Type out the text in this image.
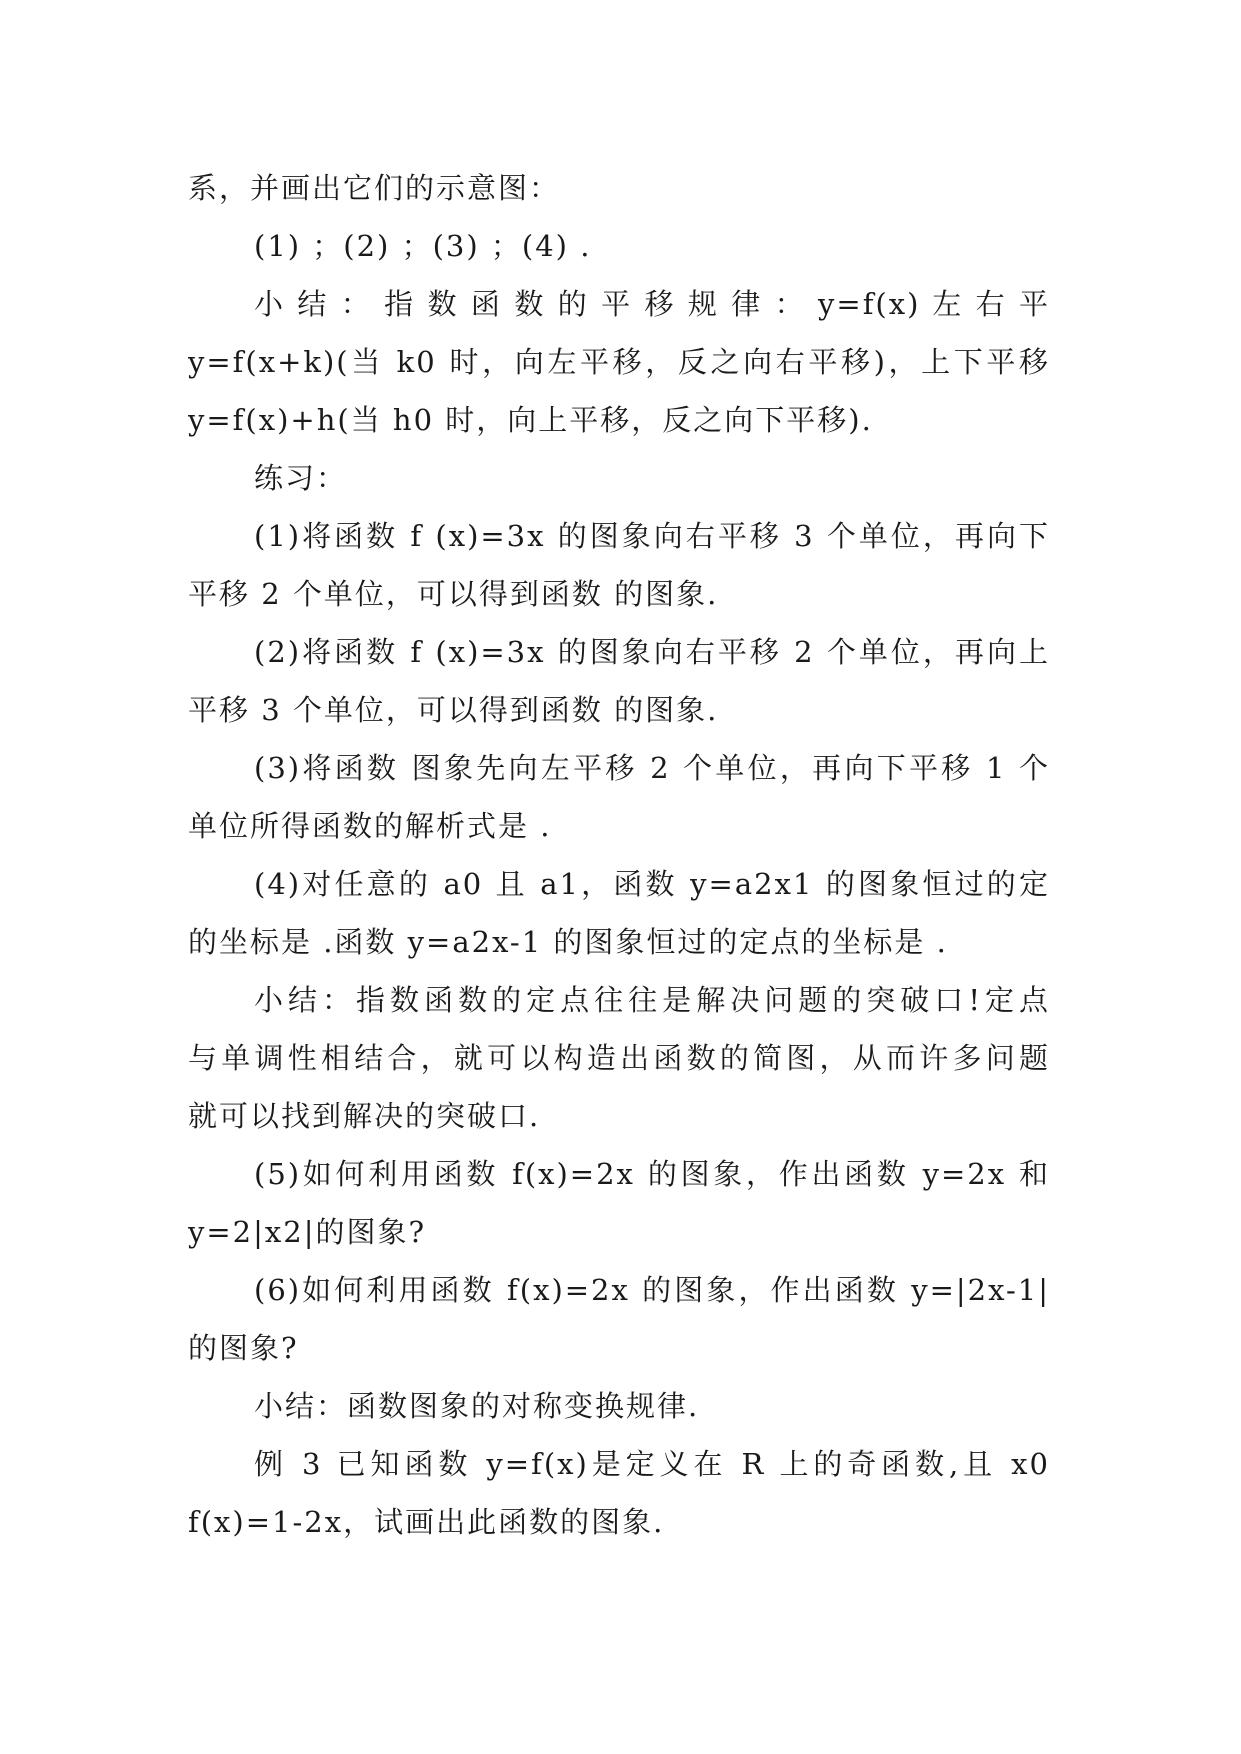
系，并画出它们的示意图：
(1) ；(2) ；(3) ；(4) .
小 结 ： 指 数 函 数 的 平 移 规 律 ： y=f(x) 左 右 平
y=f(x+k)(当 k0 时，向左平移，反之向右平移)，上下平移
y=f(x)+h(当 h0 时，向上平移，反之向下平移).
练习：
(1)将函数 f (x)=3x 的图象向右平移 3 个单位，再向下
平移 2 个单位，可以得到函数 的图象.
(2)将函数 f (x)=3x 的图象向右平移 2 个单位，再向上
平移 3 个单位，可以得到函数 的图象.
(3)将函数 图象先向左平移 2 个单位，再向下平移 1 个
单位所得函数的解析式是 .
(4)对任意的 a0 且 a1，函数 y=a2x1 的图象恒过的定
的坐标是 .函数 y=a2x-1 的图象恒过的定点的坐标是 .
小结：指数函数的定点往往是解决问题的突破口!定点
与单调性相结合，就可以构造出函数的简图，从而许多问题
就可以找到解决的突破口.
(5)如何利用函数 f(x)=2x 的图象，作出函数 y=2x 和
y=2|x2|的图象?
(6)如何利用函数 f(x)=2x 的图象，作出函数 y=|2x-1|
的图象?
小结：函数图象的对称变换规律.
例 3 已知函数 y=f(x)是定义在 R 上的奇函数,且 x0
f(x)=1-2x，试画出此函数的图象.
